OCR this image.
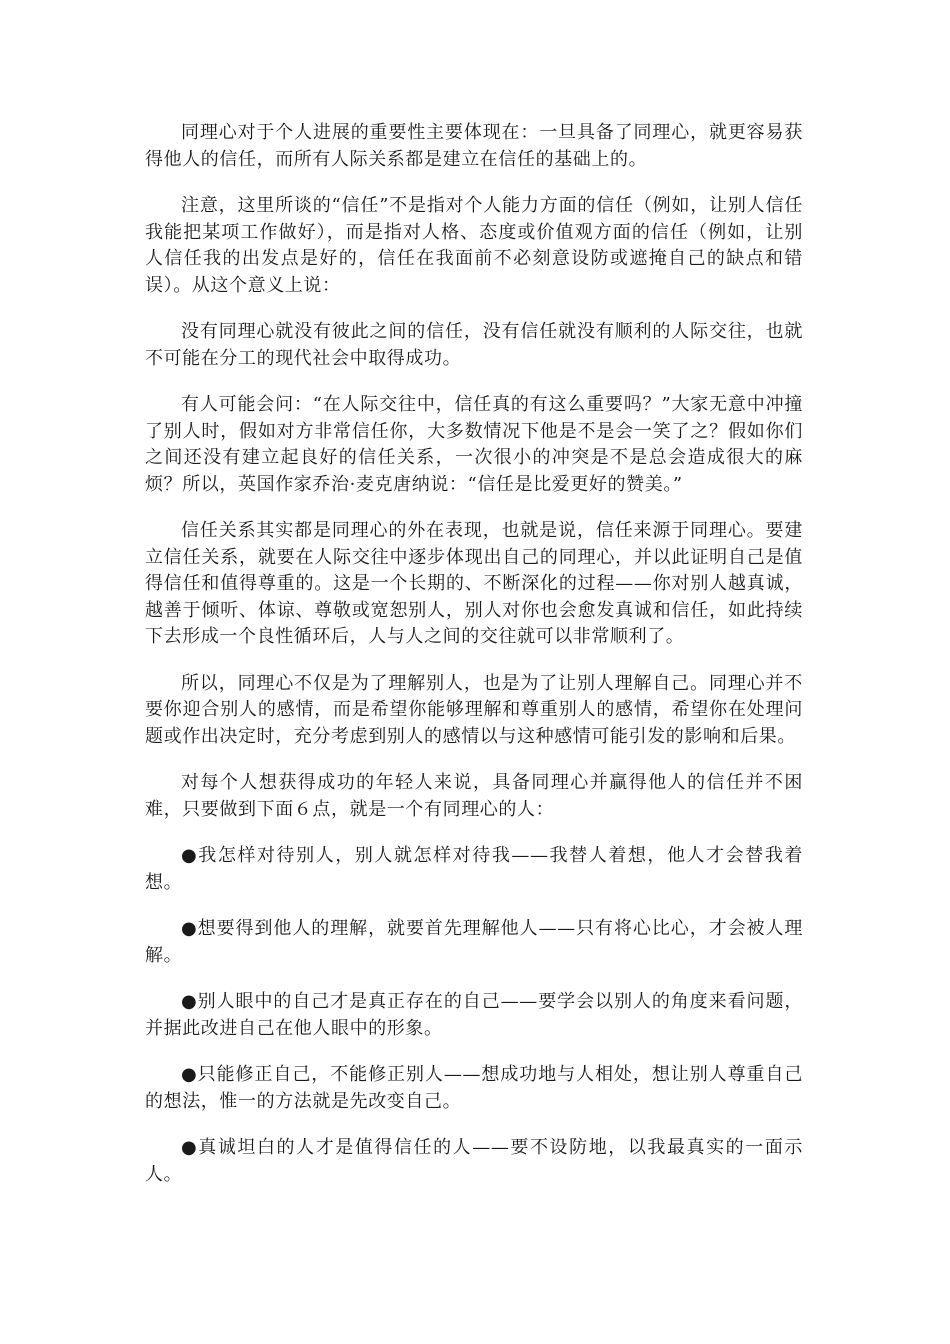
同理心对于个人进展的重要性主要体现在：一旦具备了同理心，就更容易获得他人的信任，而所有人际关系都是建立在信任的基础上的。

注意，这里所谈的“信任”不是指对个人能力方面的信任（例如，让别人信任我能把某项工作做好），而是指对人格、态度或价值观方面的信任（例如，让别人信任我的出发点是好的，信任在我面前不必刻意设防或遮掩自己的缺点和错误）。从这个意义上说：

没有同理心就没有彼此之间的信任，没有信任就没有顺利的人际交往，也就不可能在分工的现代社会中取得成功。

有人可能会问：“在人际交往中，信任真的有这么重要吗？”大家无意中冲撞了别人时，假如对方非常信任你，大多数情况下他是不是会一笑了之？假如你们之间还没有建立起良好的信任关系，一次很小的冲突是不是总会造成很大的麻烦？所以，英国作家乔治·麦克唐纳说：“信任是比爱更好的赞美。”

信任关系其实都是同理心的外在表现，也就是说，信任来源于同理心。要建立信任关系，就要在人际交往中逐步体现出自己的同理心，并以此证明自己是值得信任和值得尊重的。这是一个长期的、不断深化的过程——你对别人越真诚，越善于倾听、体谅、尊敬或宽恕别人，别人对你也会愈发真诚和信任，如此持续下去形成一个良性循环后，人与人之间的交往就可以非常顺利了。

所以，同理心不仅是为了理解别人，也是为了让别人理解自己。同理心并不要你迎合别人的感情，而是希望你能够理解和尊重别人的感情，希望你在处理问题或作出决定时，充分考虑到别人的感情以与这种感情可能引发的影响和后果。

对每个人想获得成功的年轻人来说，具备同理心并赢得他人的信任并不困难，只要做到下面６点，就是一个有同理心的人：

●我怎样对待别人，别人就怎样对待我——我替人着想，他人才会替我着想。

●想要得到他人的理解，就要首先理解他人——只有将心比心，才会被人理解。

●别人眼中的自己才是真正存在的自己——要学会以别人的角度来看问题，并据此改进自己在他人眼中的形象。

●只能修正自己，不能修正别人——想成功地与人相处，想让别人尊重自己的想法，惟一的方法就是先改变自己。

●真诚坦白的人才是值得信任的人——要不设防地，以我最真实的一面示人。
